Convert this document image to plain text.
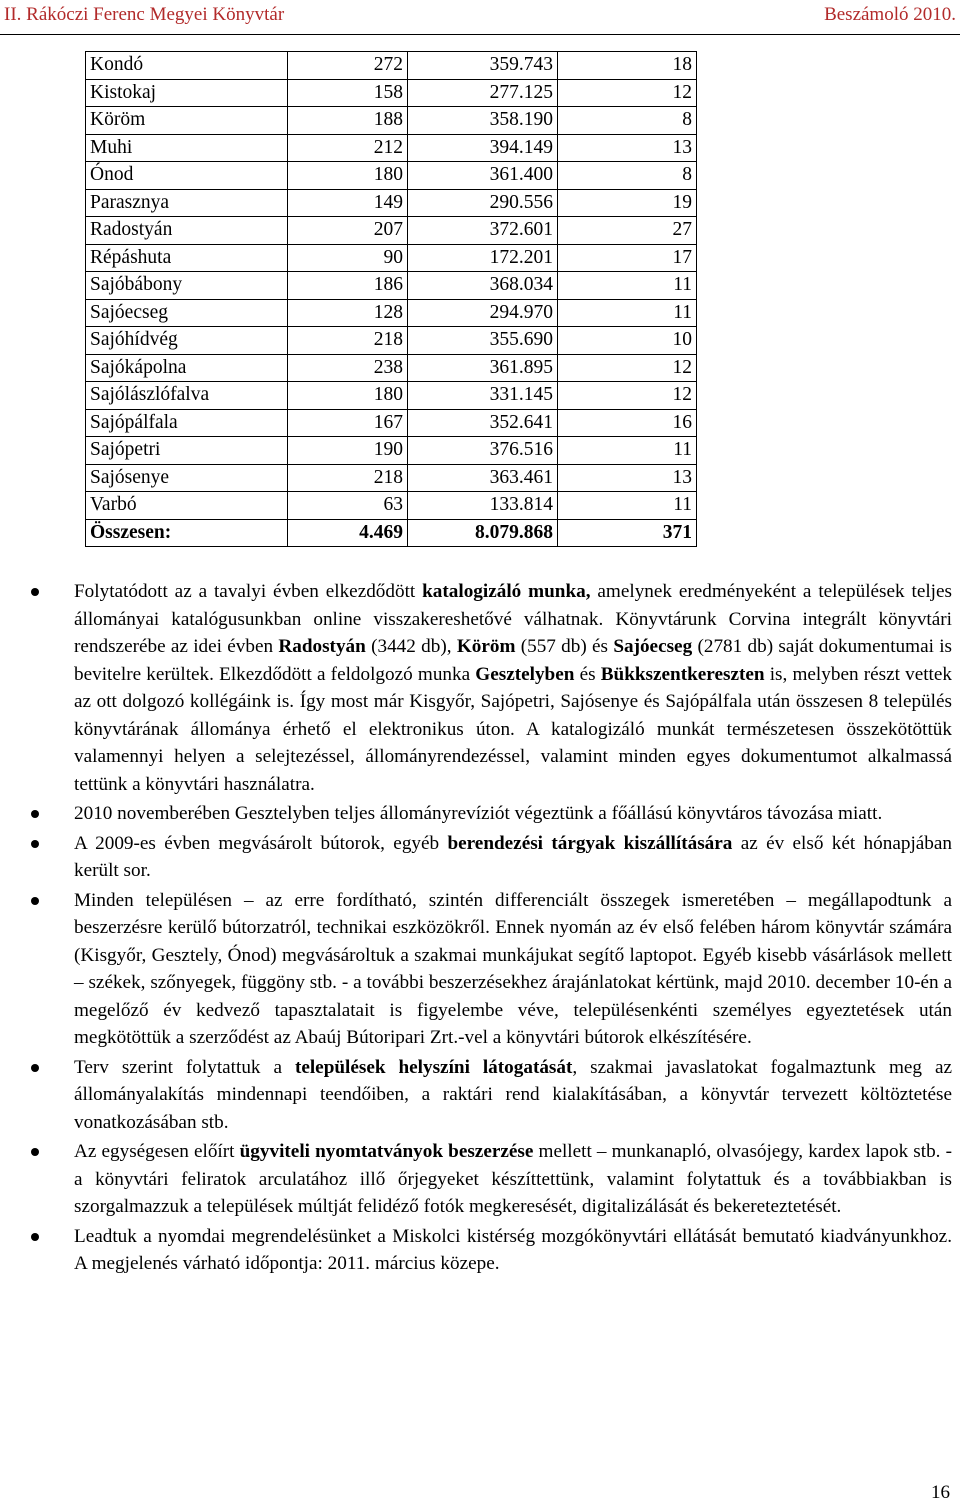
II. Rákóczi Ferenc Megyei Könyvtár	Beszámoló 2010.
Kondó	272	359.743	18
Kistokaj	158	277.125	12
Köröm	188	358.190	8
Muhi	212	394.149	13
Ónod	180	361.400	8
Parasznya	149	290.556	19
Radostyán	207	372.601	27
Répáshuta	90	172.201	17
Sajóbábony	186	368.034	11
Sajóecseg	128	294.970	11
Sajóhídvég	218	355.690	10
Sajókápolna	238	361.895	12
Sajólászlófalva	180	331.145	12
Sajópálfala	167	352.641	16
Sajópetri	190	376.516	11
Sajósenye	218	363.461	13
Varbó	63	133.814	11
Összesen:	4.469	8.079.868	371
Folytatódott az a tavalyi évben elkezdődött katalogizáló munka, amelynek eredményeként a települések teljes állományai katalógusunkban online visszakereshetővé válhatnak. Könyvtárunk Corvina integrált könyvtári rendszerébe az idei évben Radostyán (3442 db), Köröm (557 db) és Sajóecseg (2781 db) saját dokumentumai is bevitelre kerültek. Elkezdődött a feldolgozó munka Gesztelyben és Bükkszentkereszten is, melyben részt vettek az ott dolgozó kollégáink is. Így most már Kisgyőr, Sajópetri, Sajósenye és Sajópálfala után összesen 8 település könyvtárának állománya érhető el elektronikus úton. A katalogizáló munkát természetesen összekötöttük valamennyi helyen a selejtezéssel, állományrendezéssel, valamint minden egyes dokumentumot alkalmassá tettünk a könyvtári használatra.
2010 novemberében Gesztelyben teljes állományrevíziót végeztünk a főállású könyvtáros távozása miatt.
A 2009-es évben megvásárolt bútorok, egyéb berendezési tárgyak kiszállítására az év első két hónapjában került sor.
Minden településen – az erre fordítható, szintén differenciált összegek ismeretében – megállapodtunk a beszerzésre kerülő bútorzatról, technikai eszközökről. Ennek nyomán az év első felében három könyvtár számára (Kisgyőr, Gesztely, Ónod) megvásároltuk a szakmai munkájukat segítő laptopot. Egyéb kisebb vásárlások mellett – székek, szőnyegek, függöny stb. - a további beszerzésekhez árajánlatokat kértünk, majd 2010. december 10-én a megelőző év kedvező tapasztalatait is figyelembe véve, településenkénti személyes egyeztetések után megkötöttük a szerződést az Abaúj Bútoripari Zrt.-vel a könyvtári bútorok elkészítésére.
Terv szerint folytattuk a települések helyszíni látogatását, szakmai javaslatokat fogalmaztunk meg az állományalakítás mindennapi teendőiben, a raktári rend kialakításában, a könyvtár tervezett költöztetése vonatkozásában stb.
Az egységesen előírt ügyviteli nyomtatványok beszerzése mellett – munkanapló, olvasójegy, kardex lapok stb. - a könyvtári feliratok arculatához illő őrjegyeket készíttettünk, valamint folytattuk és a továbbiakban is szorgalmazzuk a települések múltját felidéző fotók megkeresését, digitalizálását és bekereteztetését.
Leadtuk a nyomdai megrendelésünket a Miskolci kistérség mozgókönyvtári ellátását bemutató kiadványunkhoz. A megjelenés várható időpontja: 2011. március közepe.
16
